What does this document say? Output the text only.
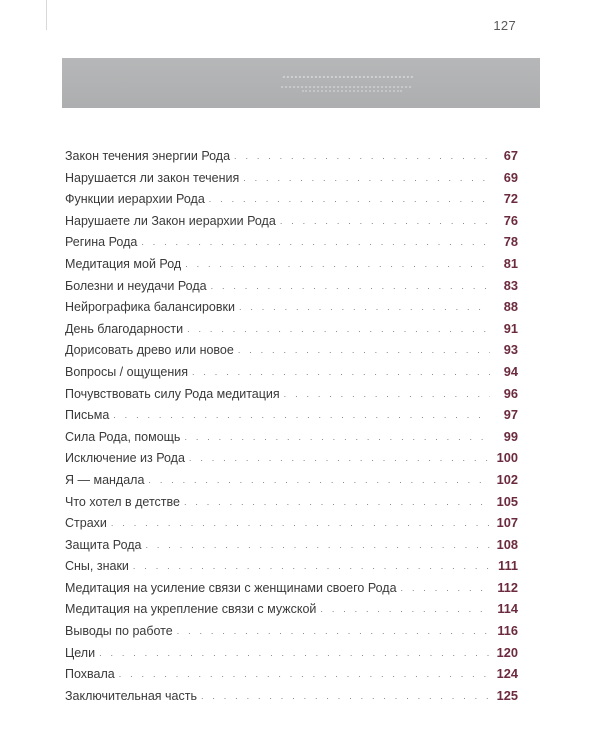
127
Закон течения энергии Рода . . .	67
Нарушается ли закон течения . . .	69
Функции иерархии Рода . . .	72
Нарушаете ли Закон иерархии Рода . . .	76
Регина Рода . . .	78
Медитация мой Род . . .	81
Болезни и неудачи Рода . . .	83
Нейрографика балансировки . . .	88
День благодарности . . .	91
Дорисовать древо или новое . . .	93
Вопросы / ощущения . . .	94
Почувствовать силу Рода медитация . . .	96
Письма . . .	97
Сила Рода, помощь . . .	99
Исключение из Рода . . .	100
Я — мандала . . .	102
Что хотел в детстве . . .	105
Страхи . . .	107
Защита Рода . . .	108
Сны, знаки . . .	111
Медитация на усиление связи с женщинами своего Рода . . .	112
Медитация на укрепление связи с мужской . . .	114
Выводы по работе . . .	116
Цели . . .	120
Похвала . . .	124
Заключительная часть . . .	125
